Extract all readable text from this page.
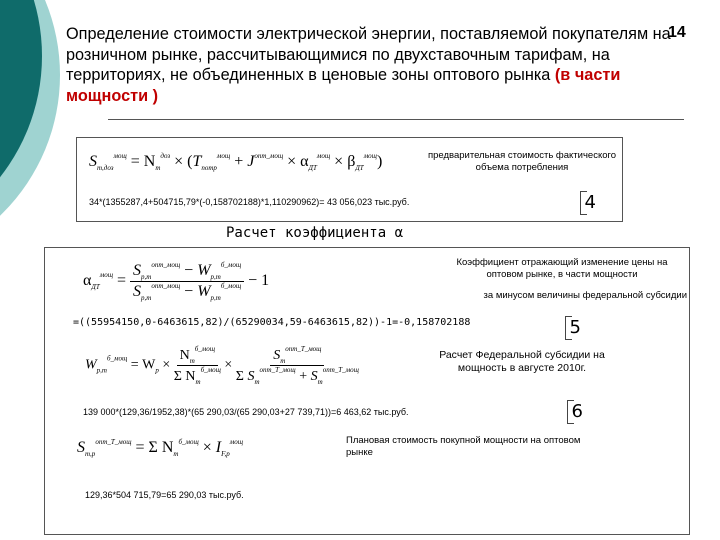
Определение стоимости электрической энергии, поставляемой покупателям на розничном рынке, рассчитывающимися по двухставочным тарифам, на территориях, не объединенных в ценовые зоны оптового рынка (в части мощности )
14
$S_{m,доз}^{мощ} = N_m^{доз} \times (T_{потр}^{мощ} + J^{опт\_мощ} \times \alpha_{ДТ}^{мощ} \times \beta_{ДТ}^{мощ})$	предварительная стоимость фактического объема потребления
34*(1355287,4+504715,79*(-0,158702188)*1,110290962)= 43 056,023 тыс.руб.	4
Расчет коэффициента α
$\alpha_{ДТ}^{мощ} = \frac{S_{p,m}^{опт\_мощ} - W_{p,m}^{б\_мощ}}{S_{p,m}^{опт\_мощ} - W_{p,m}^{б\_мощ}} - 1$
Коэффициент отражающий изменение цены на оптовом рынке, в части мощности
за минусом величины федеральной субсидии
=((55954150,0-6463615,82)/(65290034,59-6463615,82))-1=-0,158702188	5
$W_{p,m}^{б\_мощ} = W_p \times \frac{N_m^{б\_мощ}}{\Sigma N_m^{б\_мощ}} \times \frac{S_m^{опт\_Т\_мощ}}{\Sigma S_m^{опт\_Т\_мощ} + S_m^{опт\_Т\_мощ}}$	Расчет Федеральной субсидии на мощность в августе 2010г.
139 000*(129,36/1952,38)*(65 290,03/(65 290,03+27 739,71))=6 463,62 тыс.руб.	6
$S_{m,p}^{опт\_Т\_мощ} = \Sigma$ $N_m^{б\_мощ} \times I_{F,p}^{мощ}$	Плановая стоимость покупной мощности на оптовом рынке
129,36*504 715,79=65 290,03 тыс.руб.
